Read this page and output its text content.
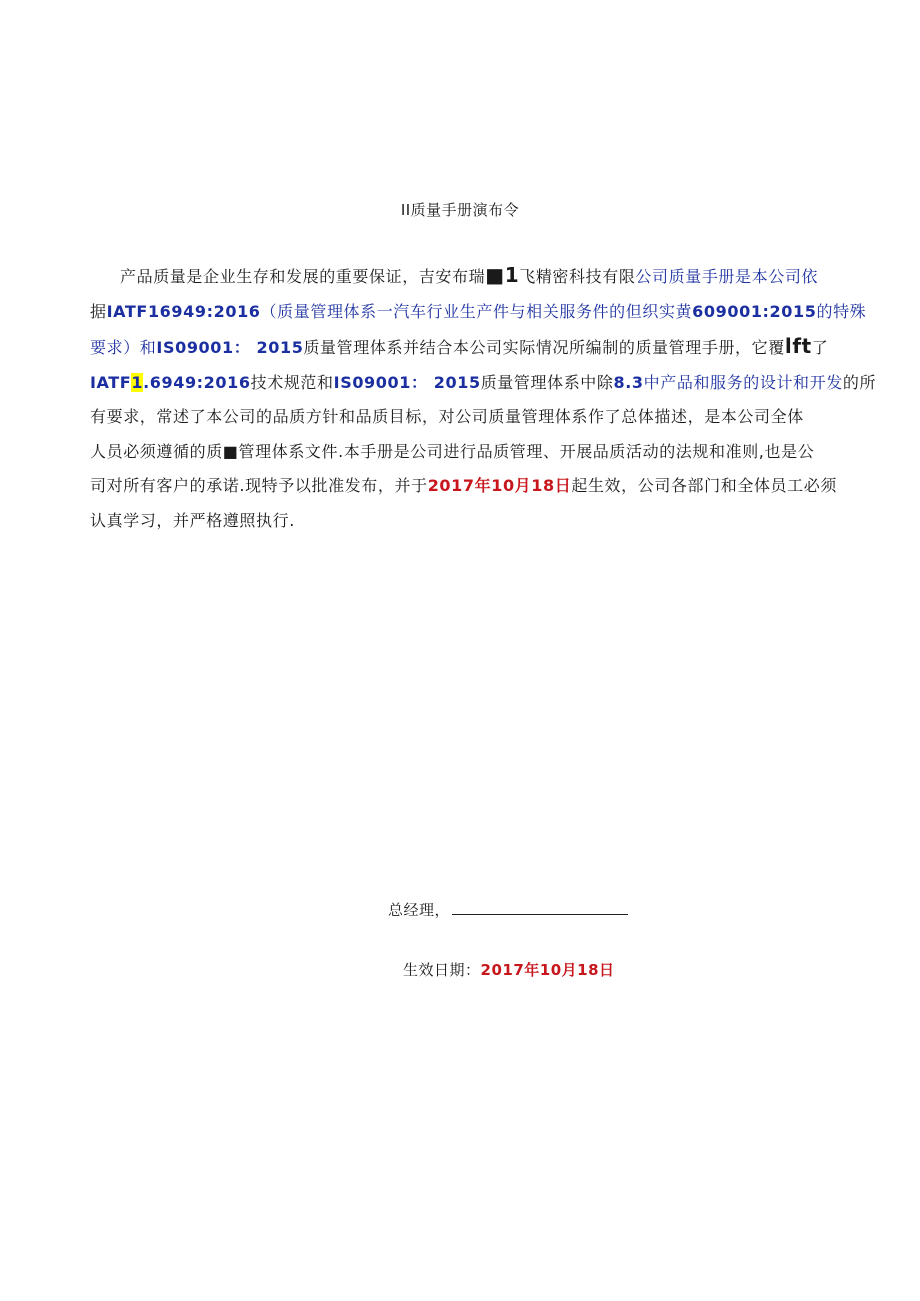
II质量手册演布令
产品质量是企业生存和发展的重要保证，吉安布瑞■1飞精密科技有限公司质量手册是本公司依
据IATF16949:2016（质量管理体系一汽车行业生产件与相关服务件的但织实黄609001:2015的特殊
要求）和IS09001： 2015质量管理体系并结合本公司实际情况所编制的质量管理手册，它覆lft了
IATF1.6949:2016技术规范和IS09001： 2015质量管理体系中除8.3中产品和服务的设计和开发的所
有要求，常述了本公司的品质方针和品质目标，对公司质量管理体系作了总体描述，是本公司全体
人员必须遵循的质■管理体系文件.本手册是公司进行品质管理、开展品质活动的法规和准则,也是公
司对所有客户的承诺.现特予以批准发布，并于2017年10月18日起生效，公司各部门和全体员工必须
认真学习，并严格遵照执行.
总经理，
生效日期：2017年10月18日
